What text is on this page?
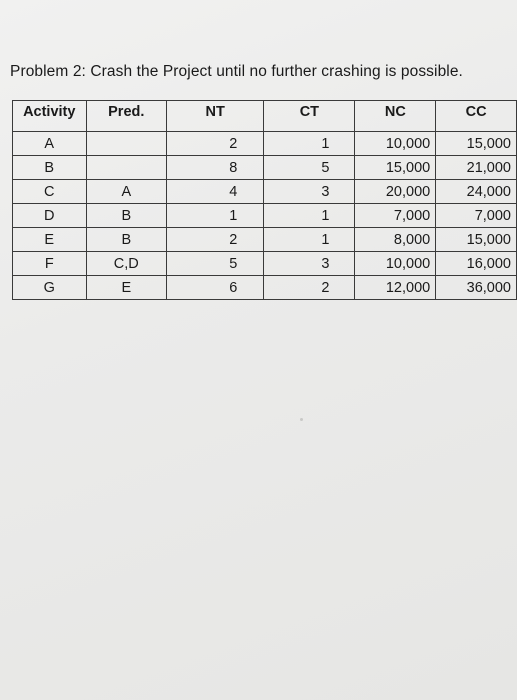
Problem 2: Crash the Project until no further crashing is possible.
Activity	Pred.	NT	CT	NC	CC
A		2	1	10,000	15,000
B		8	5	15,000	21,000
C	A	4	3	20,000	24,000
D	B	1	1	7,000	7,000
E	B	2	1	8,000	15,000
F	C,D	5	3	10,000	16,000
G	E	6	2	12,000	36,000
